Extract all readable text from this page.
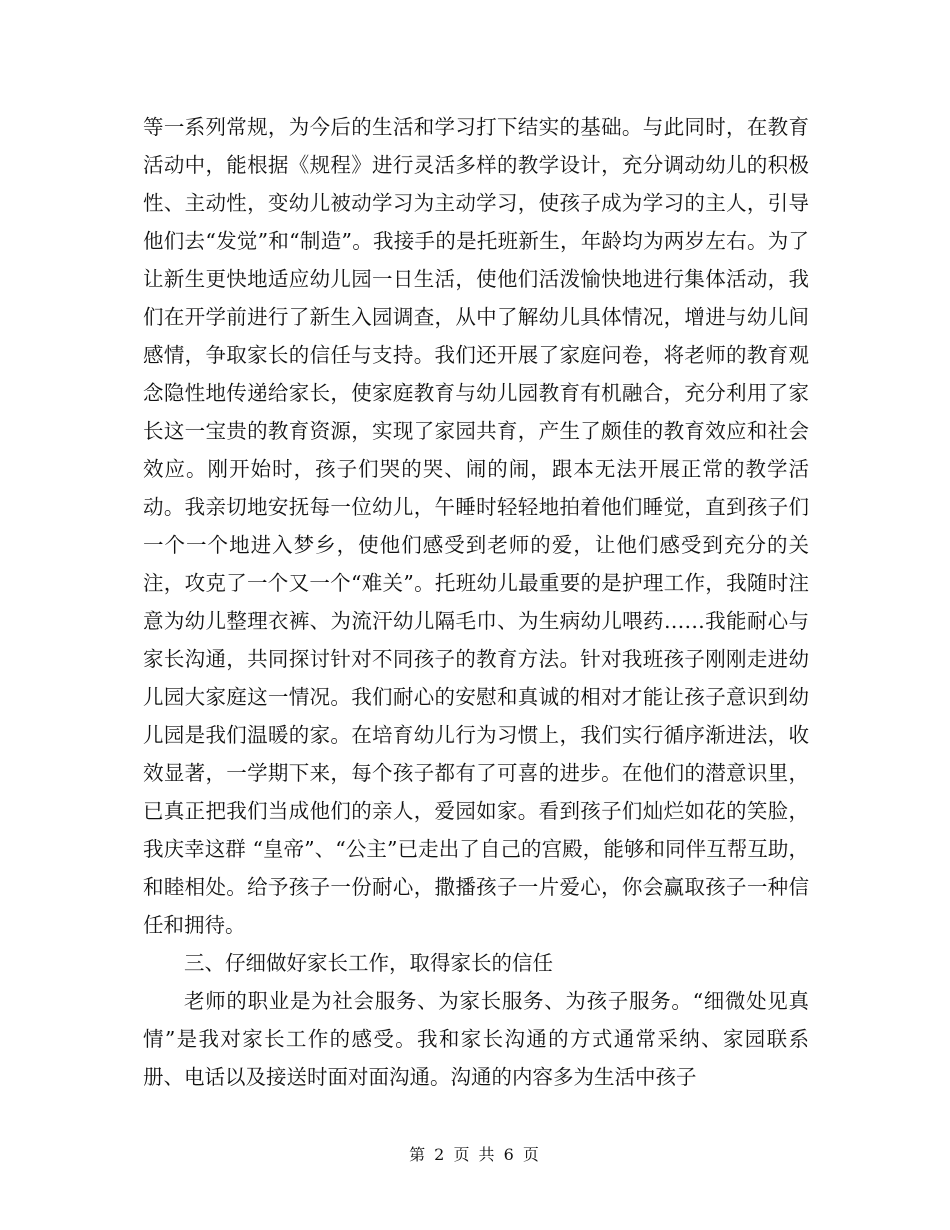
等一系列常规，为今后的生活和学习打下结实的基础。与此同时，在教育活动中，能根据《规程》进行灵活多样的教学设计，充分调动幼儿的积极性、主动性，变幼儿被动学习为主动学习，使孩子成为学习的主人，引导他们去“发觉”和“制造”。我接手的是托班新生，年龄均为两岁左右。为了让新生更快地适应幼儿园一日生活，使他们活泼愉快地进行集体活动，我们在开学前进行了新生入园调查，从中了解幼儿具体情况，增进与幼儿间感情，争取家长的信任与支持。我们还开展了家庭问卷，将老师的教育观念隐性地传递给家长，使家庭教育与幼儿园教育有机融合，充分利用了家长这一宝贵的教育资源，实现了家园共育，产生了颇佳的教育效应和社会效应。刚开始时，孩子们哭的哭、闹的闹，跟本无法开展正常的教学活动。我亲切地安抚每一位幼儿，午睡时轻轻地拍着他们睡觉，直到孩子们一个一个地进入梦乡，使他们感受到老师的爱，让他们感受到充分的关注，攻克了一个又一个“难关”。托班幼儿最重要的是护理工作，我随时注意为幼儿整理衣裤、为流汗幼儿隔毛巾、为生病幼儿喂药……我能耐心与家长沟通，共同探讨针对不同孩子的教育方法。针对我班孩子刚刚走进幼儿园大家庭这一情况。我们耐心的安慰和真诚的相对才能让孩子意识到幼儿园是我们温暖的家。在培育幼儿行为习惯上，我们实行循序渐进法，收效显著，一学期下来，每个孩子都有了可喜的进步。在他们的潜意识里，已真正把我们当成他们的亲人，爱园如家。看到孩子们灿烂如花的笑脸，我庆幸这群 “皇帝”、“公主”已走出了自己的宫殿，能够和同伴互帮互助，和睦相处。给予孩子一份耐心，撒播孩子一片爱心，你会赢取孩子一种信任和拥待。

三、仔细做好家长工作，取得家长的信任

老师的职业是为社会服务、为家长服务、为孩子服务。“细微处见真情”是我对家长工作的感受。我和家长沟通的方式通常采纳、家园联系册、电话以及接送时面对面沟通。沟通的内容多为生活中孩子

第 2 页 共 6 页
